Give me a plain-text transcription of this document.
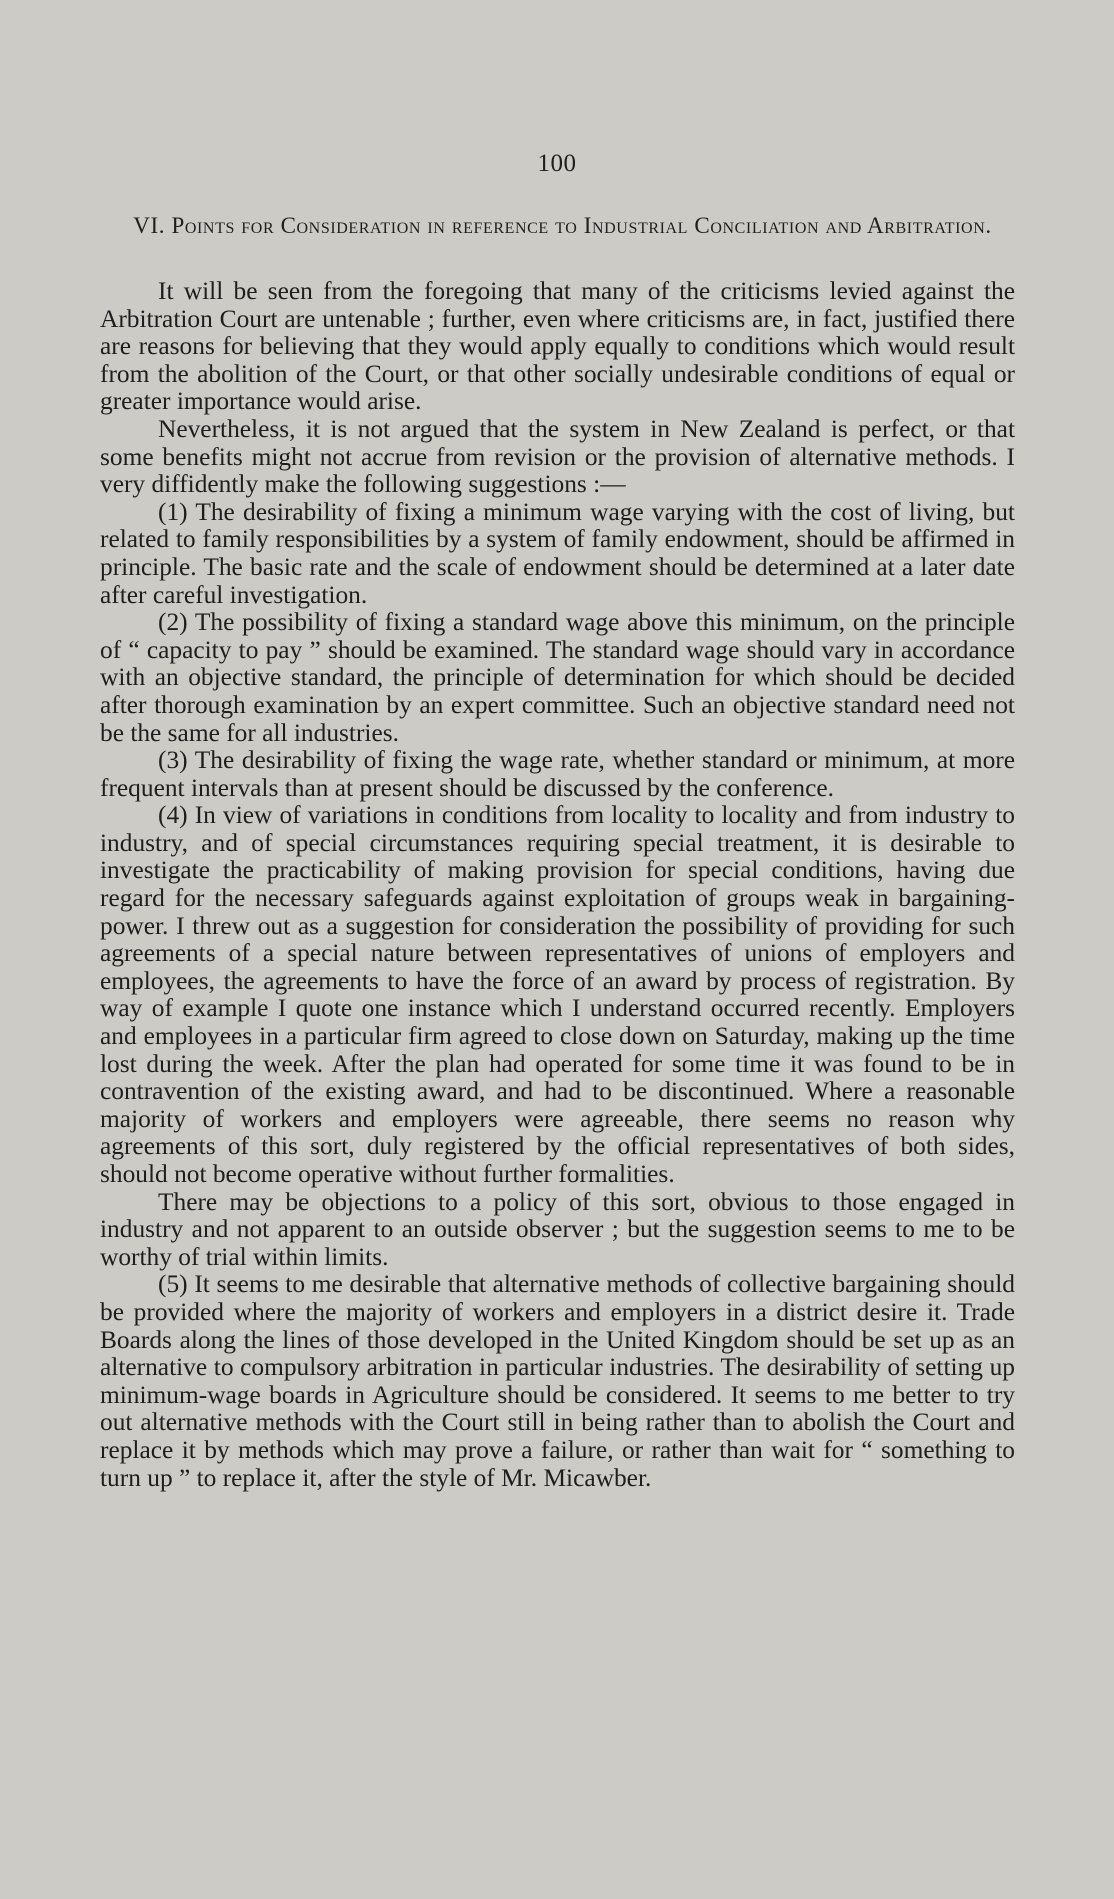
100
VI. Points for Consideration in reference to Industrial Conciliation and Arbitration.

It will be seen from the foregoing that many of the criticisms levied against the Arbitration Court are untenable ; further, even where criticisms are, in fact, justified there are reasons for believing that they would apply equally to conditions which would result from the abolition of the Court, or that other socially undesirable conditions of equal or greater importance would arise.

Nevertheless, it is not argued that the system in New Zealand is perfect, or that some benefits might not accrue from revision or the provision of alternative methods. I very diffidently make the following suggestions :—

(1) The desirability of fixing a minimum wage varying with the cost of living, but related to family responsibilities by a system of family endowment, should be affirmed in principle. The basic rate and the scale of endowment should be determined at a later date after careful investigation.

(2) The possibility of fixing a standard wage above this minimum, on the principle of “ capacity to pay ” should be examined. The standard wage should vary in accordance with an objective standard, the principle of determination for which should be decided after thorough examination by an expert committee. Such an objective standard need not be the same for all industries.

(3) The desirability of fixing the wage rate, whether standard or minimum, at more frequent intervals than at present should be discussed by the conference.

(4) In view of variations in conditions from locality to locality and from industry to industry, and of special circumstances requiring special treatment, it is desirable to investigate the practicability of making provision for special conditions, having due regard for the necessary safeguards against exploitation of groups weak in bargaining-power. I threw out as a suggestion for consideration the possibility of providing for such agreements of a special nature between representatives of unions of employers and employees, the agreements to have the force of an award by process of registration. By way of example I quote one instance which I understand occurred recently. Employers and employees in a particular firm agreed to close down on Saturday, making up the time lost during the week. After the plan had operated for some time it was found to be in contravention of the existing award, and had to be discontinued. Where a reasonable majority of workers and employers were agreeable, there seems no reason why agreements of this sort, duly registered by the official representatives of both sides, should not become operative without further formalities.

There may be objections to a policy of this sort, obvious to those engaged in industry and not apparent to an outside observer ; but the suggestion seems to me to be worthy of trial within limits.

(5) It seems to me desirable that alternative methods of collective bargaining should be provided where the majority of workers and employers in a district desire it. Trade Boards along the lines of those developed in the United Kingdom should be set up as an alternative to compulsory arbitration in particular industries. The desirability of setting up minimum-wage boards in Agriculture should be considered. It seems to me better to try out alternative methods with the Court still in being rather than to abolish the Court and replace it by methods which may prove a failure, or rather than wait for “ something to turn up ” to replace it, after the style of Mr. Micawber.
